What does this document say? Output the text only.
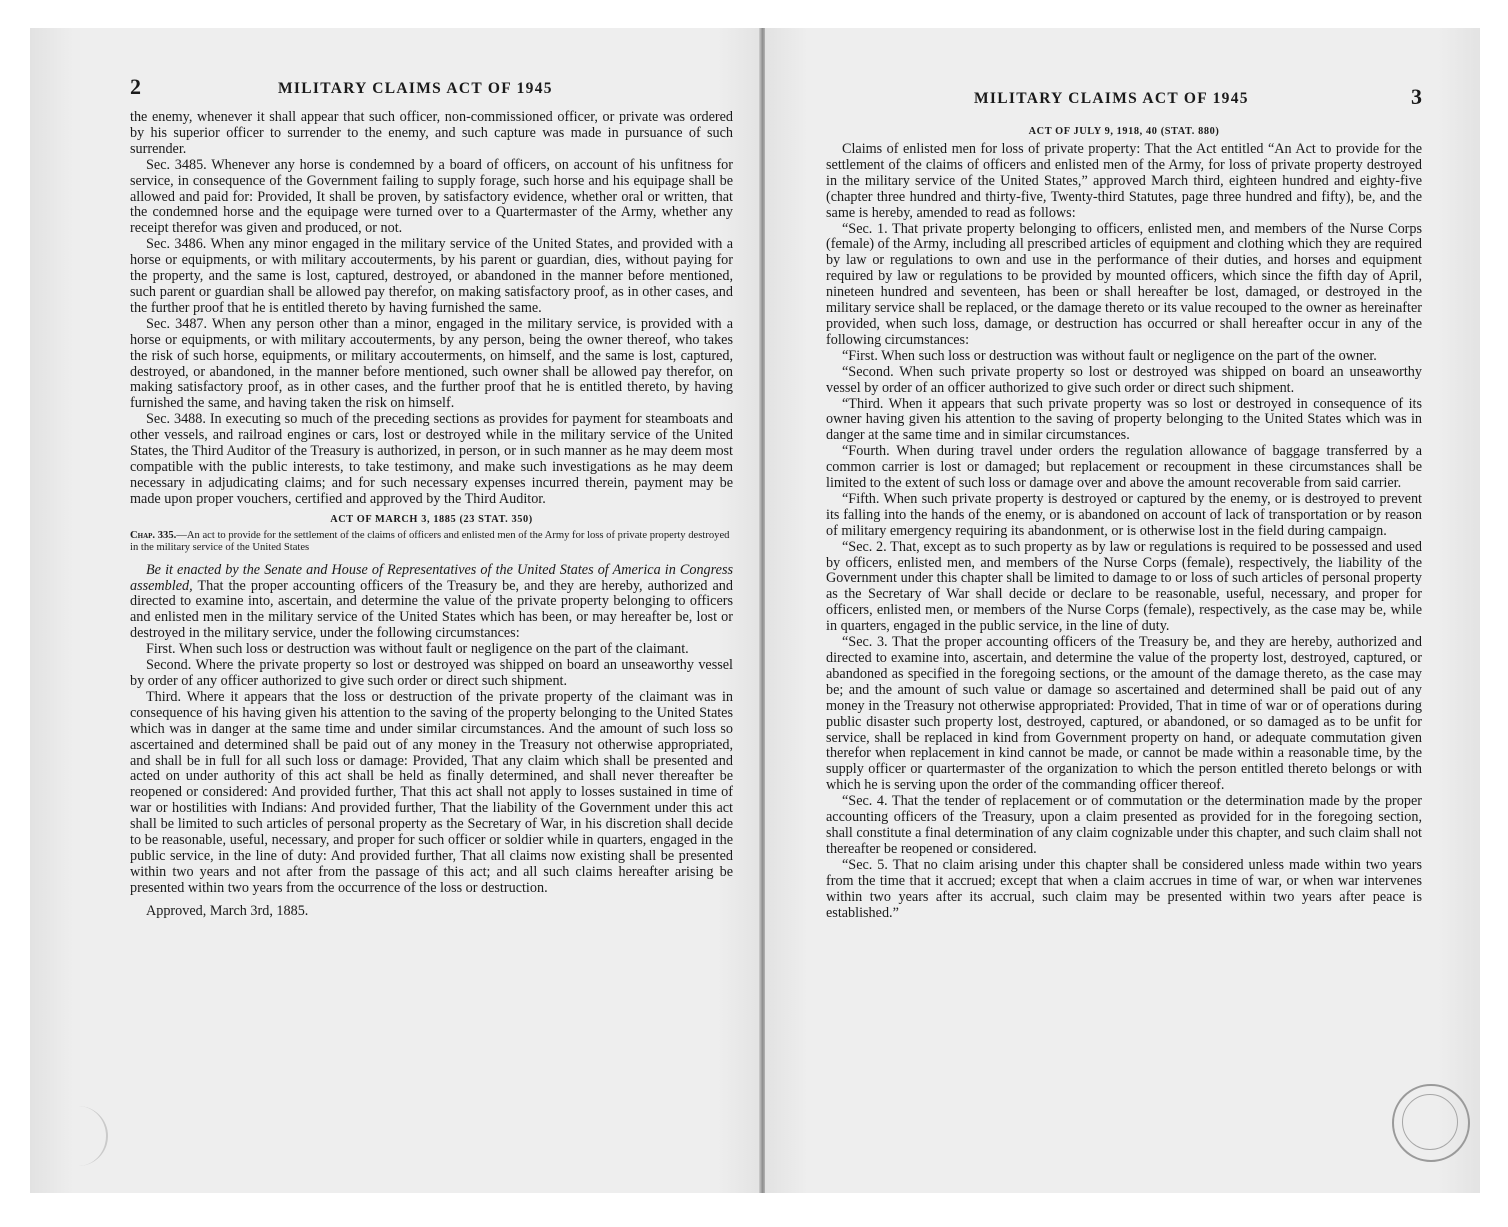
2	MILITARY CLAIMS ACT OF 1945

the enemy, whenever it shall appear that such officer, non-commissioned officer, or private was ordered by his superior officer to surrender to the enemy, and such capture was made in pursuance of such surrender.

Sec. 3485. Whenever any horse is condemned by a board of officers, on account of his unfitness for service, in consequence of the Government failing to supply forage, such horse and his equipage shall be allowed and paid for: Provided, It shall be proven, by satisfactory evidence, whether oral or written, that the condemned horse and the equipage were turned over to a Quartermaster of the Army, whether any receipt therefor was given and produced, or not.

Sec. 3486. When any minor engaged in the military service of the United States, and provided with a horse or equipments, or with military accouterments, by his parent or guardian, dies, without paying for the property, and the same is lost, captured, destroyed, or abandoned in the manner before mentioned, such parent or guardian shall be allowed pay therefor, on making satisfactory proof, as in other cases, and the further proof that he is entitled thereto by having furnished the same.

Sec. 3487. When any person other than a minor, engaged in the military service, is provided with a horse or equipments, or with military accouterments, by any person, being the owner thereof, who takes the risk of such horse, equipments, or military accouterments, on himself, and the same is lost, captured, destroyed, or abandoned, in the manner before mentioned, such owner shall be allowed pay therefor, on making satisfactory proof, as in other cases, and the further proof that he is entitled thereto, by having furnished the same, and having taken the risk on himself.

Sec. 3488. In executing so much of the preceding sections as provides for payment for steamboats and other vessels, and railroad engines or cars, lost or destroyed while in the military service of the United States, the Third Auditor of the Treasury is authorized, in person, or in such manner as he may deem most compatible with the public interests, to take testimony, and make such investigations as he may deem necessary in adjudicating claims; and for such necessary expenses incurred therein, payment may be made upon proper vouchers, certified and approved by the Third Auditor.

ACT OF MARCH 3, 1885 (23 STAT. 350)
Chap. 335.—An act to provide for the settlement of the claims of officers and enlisted men of the Army for loss of private property destroyed in the military service of the United States

Be it enacted by the Senate and House of Representatives of the United States of America in Congress assembled, That the proper accounting officers of the Treasury be, and they are hereby, authorized and directed to examine into, ascertain, and determine the value of the private property belonging to officers and enlisted men in the military service of the United States which has been, or may hereafter be, lost or destroyed in the military service, under the following circumstances:

First. When such loss or destruction was without fault or negligence on the part of the claimant.

Second. Where the private property so lost or destroyed was shipped on board an unseaworthy vessel by order of any officer authorized to give such order or direct such shipment.

Third. Where it appears that the loss or destruction of the private property of the claimant was in consequence of his having given his attention to the saving of the property belonging to the United States which was in danger at the same time and under similar circumstances. And the amount of such loss so ascertained and determined shall be paid out of any money in the Treasury not otherwise appropriated, and shall be in full for all such loss or damage: Provided, That any claim which shall be presented and acted on under authority of this act shall be held as finally determined, and shall never thereafter be reopened or considered: And provided further, That this act shall not apply to losses sustained in time of war or hostilities with Indians: And provided further, That the liability of the Government under this act shall be limited to such articles of personal property as the Secretary of War, in his discretion shall decide to be reasonable, useful, necessary, and proper for such officer or soldier while in quarters, engaged in the public service, in the line of duty: And provided further, That all claims now existing shall be presented within two years and not after from the passage of this act; and all such claims hereafter arising be presented within two years from the occurrence of the loss or destruction.

Approved, March 3rd, 1885.

MILITARY CLAIMS ACT OF 1945	3
ACT OF JULY 9, 1918, 40 (STAT. 880)

Claims of enlisted men for loss of private property: That the Act entitled “An Act to provide for the settlement of the claims of officers and enlisted men of the Army, for loss of private property destroyed in the military service of the United States,” approved March third, eighteen hundred and eighty-five (chapter three hundred and thirty-five, Twenty-third Statutes, page three hundred and fifty), be, and the same is hereby, amended to read as follows:

“Sec. 1. That private property belonging to officers, enlisted men, and members of the Nurse Corps (female) of the Army, including all prescribed articles of equipment and clothing which they are required by law or regulations to own and use in the performance of their duties, and horses and equipment required by law or regulations to be provided by mounted officers, which since the fifth day of April, nineteen hundred and seventeen, has been or shall hereafter be lost, damaged, or destroyed in the military service shall be replaced, or the damage thereto or its value recouped to the owner as hereinafter provided, when such loss, damage, or destruction has occurred or shall hereafter occur in any of the following circumstances:

“First. When such loss or destruction was without fault or negligence on the part of the owner.

“Second. When such private property so lost or destroyed was shipped on board an unseaworthy vessel by order of an officer authorized to give such order or direct such shipment.

“Third. When it appears that such private property was so lost or destroyed in consequence of its owner having given his attention to the saving of property belonging to the United States which was in danger at the same time and in similar circumstances.

“Fourth. When during travel under orders the regulation allowance of baggage transferred by a common carrier is lost or damaged; but replacement or recoupment in these circumstances shall be limited to the extent of such loss or damage over and above the amount recoverable from said carrier.

“Fifth. When such private property is destroyed or captured by the enemy, or is destroyed to prevent its falling into the hands of the enemy, or is abandoned on account of lack of transportation or by reason of military emergency requiring its abandonment, or is otherwise lost in the field during campaign.

“Sec. 2. That, except as to such property as by law or regulations is required to be possessed and used by officers, enlisted men, and members of the Nurse Corps (female), respectively, the liability of the Government under this chapter shall be limited to damage to or loss of such articles of personal property as the Secretary of War shall decide or declare to be reasonable, useful, necessary, and proper for officers, enlisted men, or members of the Nurse Corps (female), respectively, as the case may be, while in quarters, engaged in the public service, in the line of duty.

“Sec. 3. That the proper accounting officers of the Treasury be, and they are hereby, authorized and directed to examine into, ascertain, and determine the value of the property lost, destroyed, captured, or abandoned as specified in the foregoing sections, or the amount of the damage thereto, as the case may be; and the amount of such value or damage so ascertained and determined shall be paid out of any money in the Treasury not otherwise appropriated: Provided, That in time of war or of operations during public disaster such property lost, destroyed, captured, or abandoned, or so damaged as to be unfit for service, shall be replaced in kind from Government property on hand, or adequate commutation given therefor when replacement in kind cannot be made, or cannot be made within a reasonable time, by the supply officer or quartermaster of the organization to which the person entitled thereto belongs or with which he is serving upon the order of the commanding officer thereof.

“Sec. 4. That the tender of replacement or of commutation or the determination made by the proper accounting officers of the Treasury, upon a claim presented as provided for in the foregoing section, shall constitute a final determination of any claim cognizable under this chapter, and such claim shall not thereafter be reopened or considered.

“Sec. 5. That no claim arising under this chapter shall be considered unless made within two years from the time that it accrued; except that when a claim accrues in time of war, or when war intervenes within two years after its accrual, such claim may be presented within two years after peace is established.”
